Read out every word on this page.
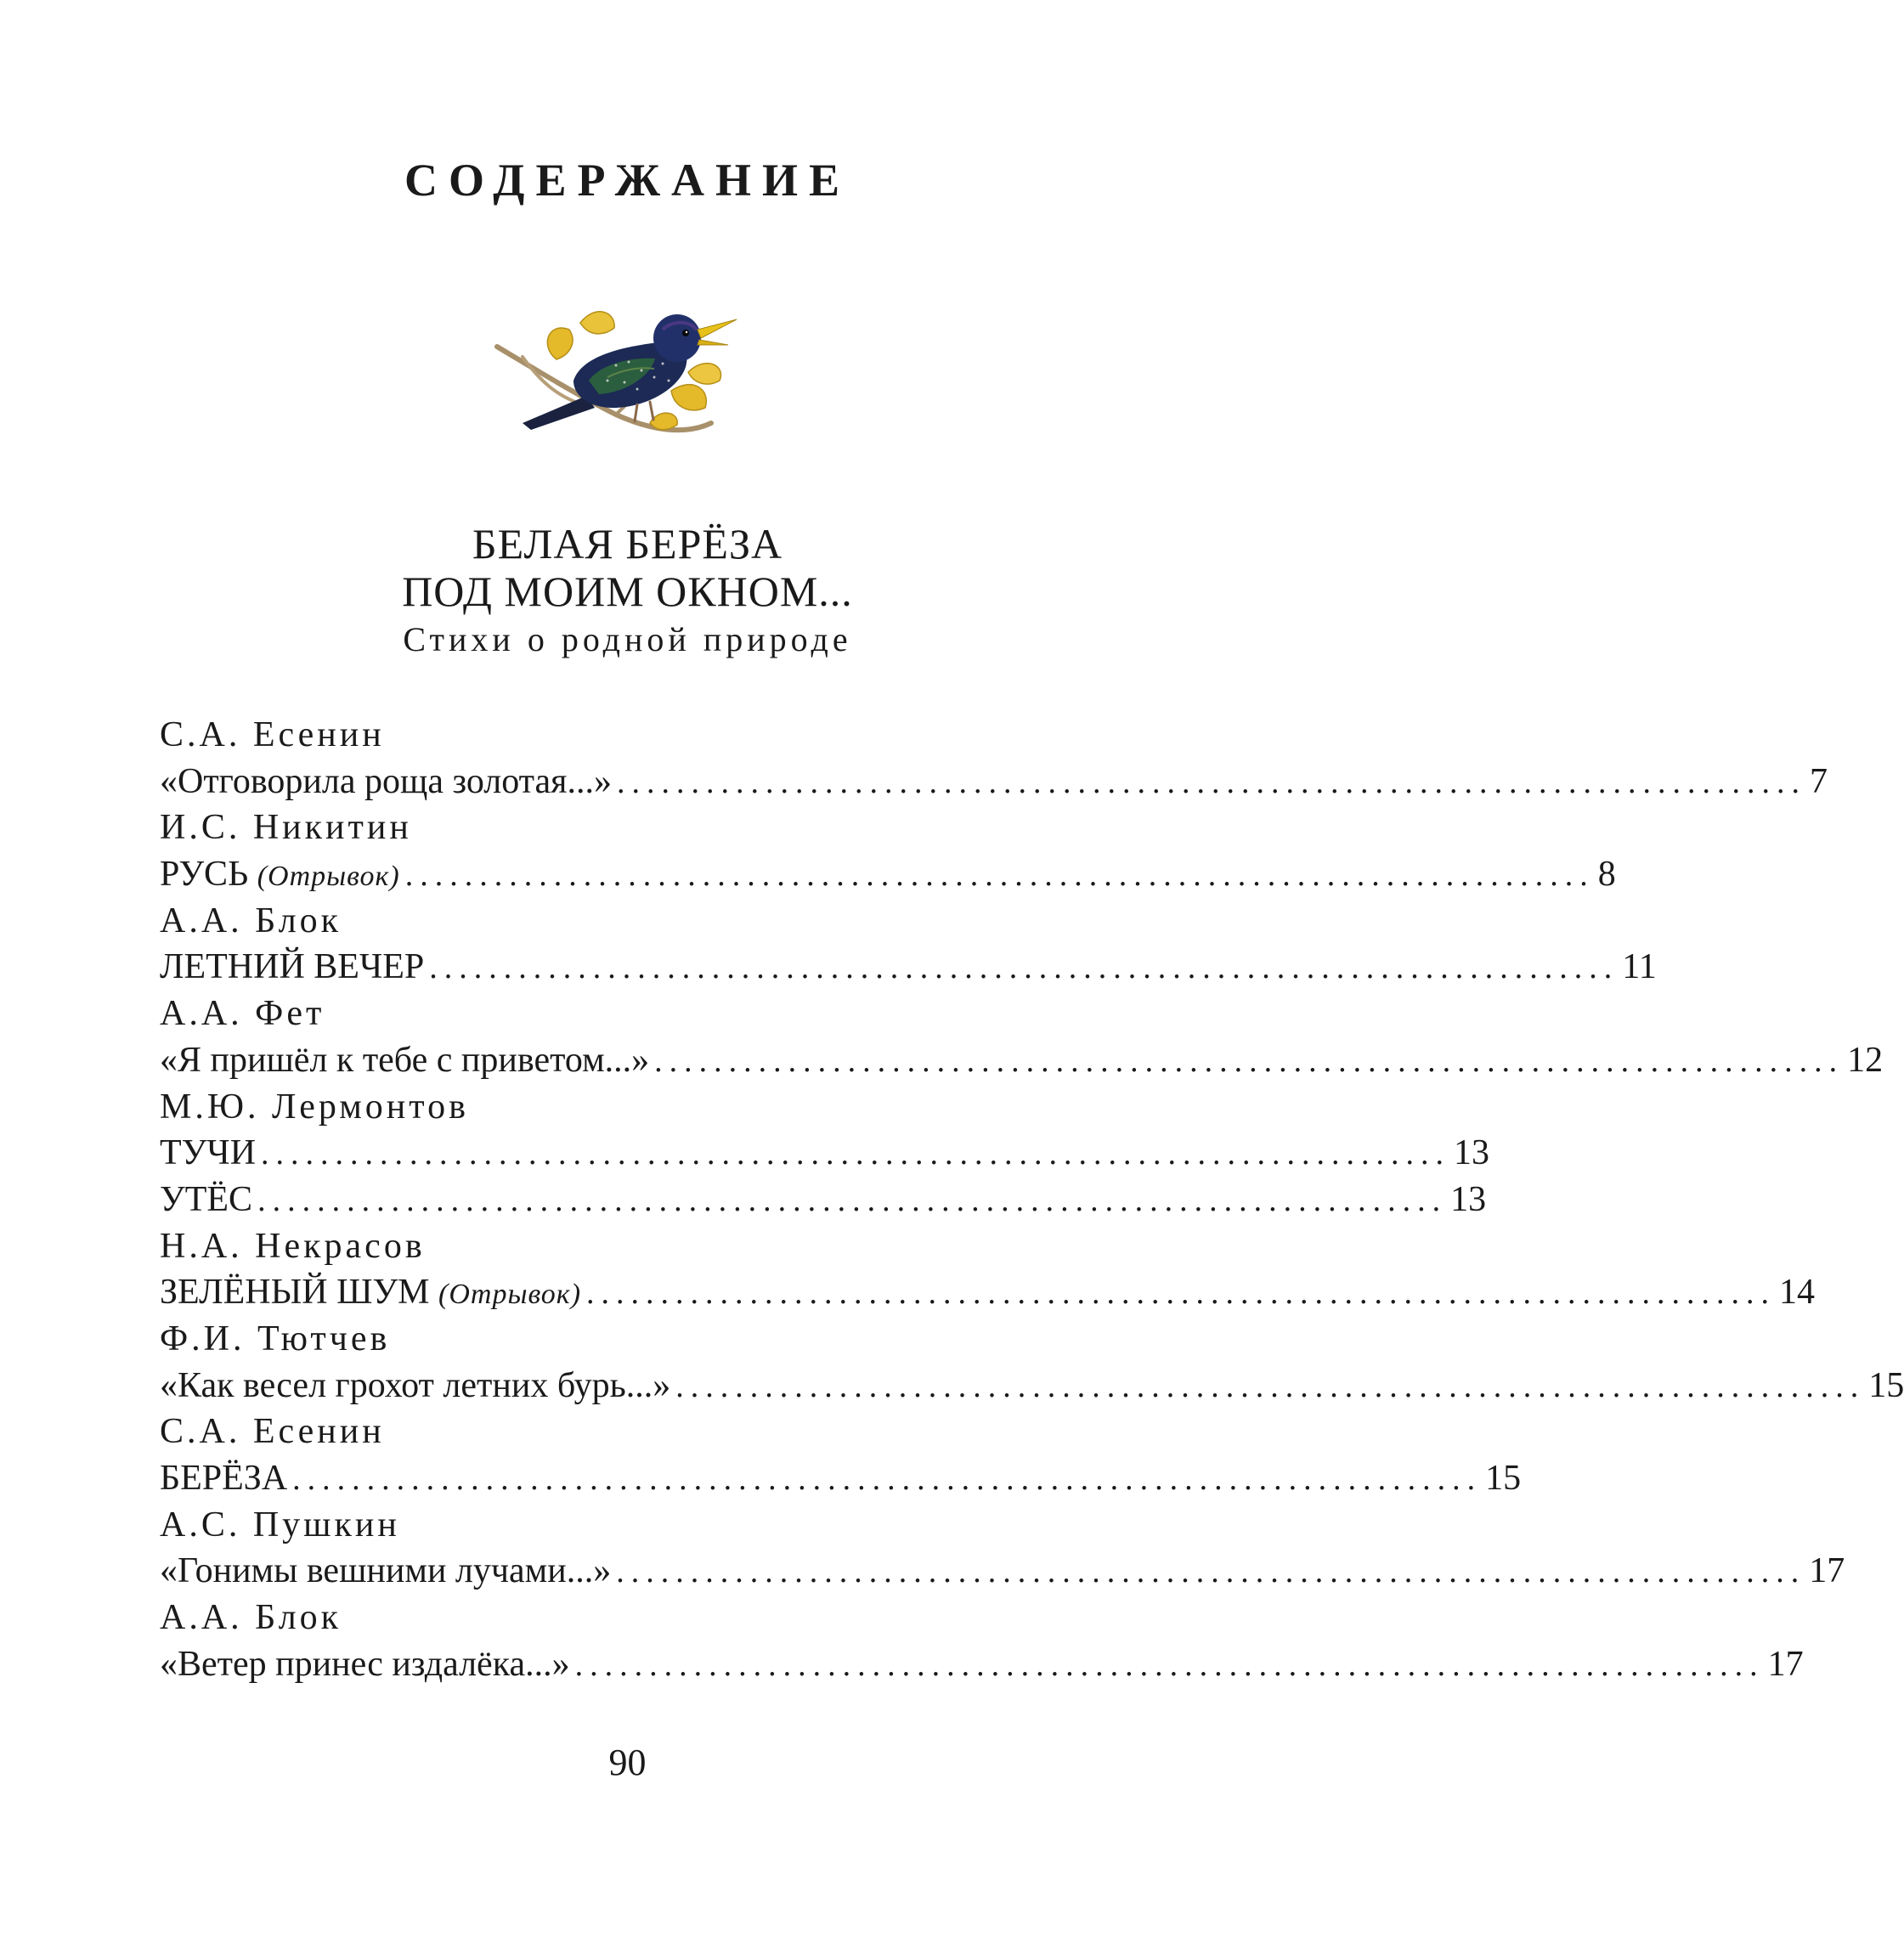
СОДЕРЖАНИЕ
БЕЛАЯ БЕРЁЗА
ПОД МОИМ ОКНОМ...
Стихи о родной природе
С.А. Есенин
«Отговорила роща золотая...» ................................................................................ 7
И.С. Никитин
РУСЬ (Отрывок) ................................................................................ 8
А.А. Блок
ЛЕТНИЙ ВЕЧЕР ................................................................................ 11
А.А. Фет
«Я пришёл к тебе с приветом...» ................................................................................ 12
М.Ю. Лермонтов
ТУЧИ ................................................................................ 13
УТЁС ................................................................................ 13
Н.А. Некрасов
ЗЕЛЁНЫЙ ШУМ (Отрывок) ................................................................................ 14
Ф.И. Тютчев
«Как весел грохот летних бурь...» ................................................................................ 15
С.А. Есенин
БЕРЁЗА ................................................................................ 15
А.С. Пушкин
«Гонимы вешними лучами...» ................................................................................ 17
А.А. Блок
«Ветер принес издалёка...» ................................................................................ 17
90
